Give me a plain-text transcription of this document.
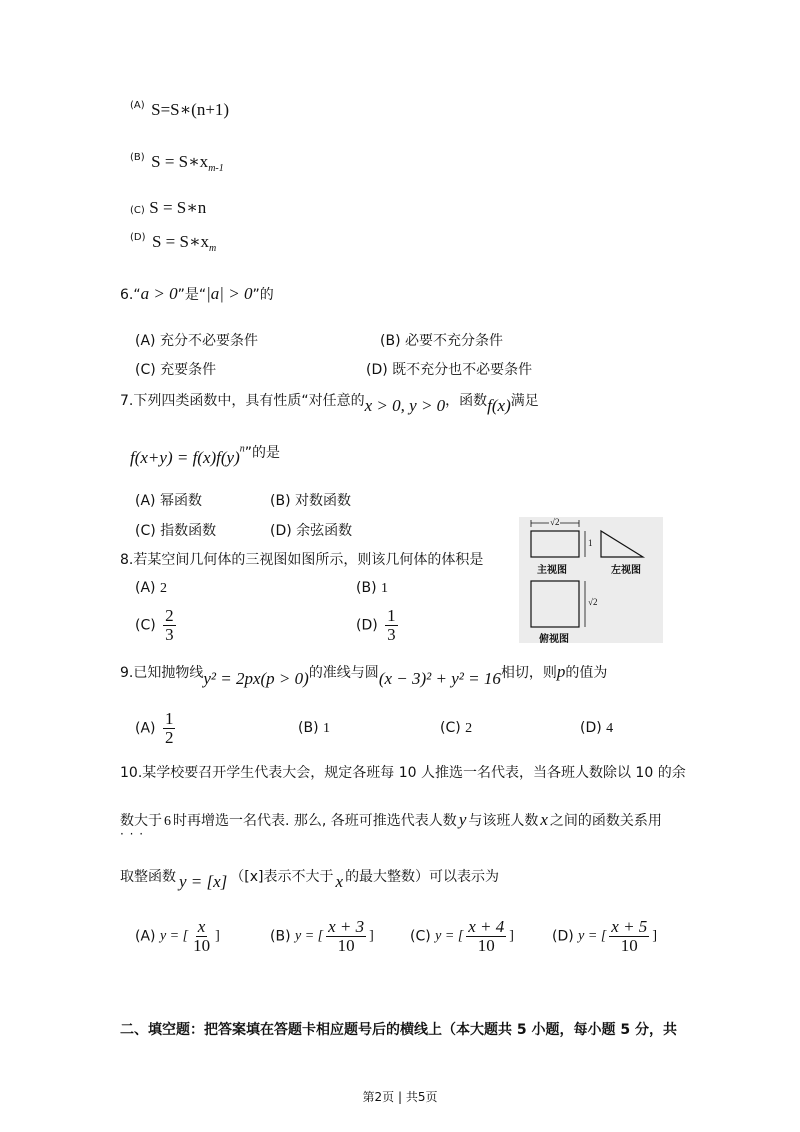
$^{(A)}$ S=S∗(n+1)
$^{(B)}$ $S = S∗x_{m-1}$
(C) S = S∗n
$^{(D)}$ $S = S∗x_m$
6.“a > 0”是“|a| > 0”的
(A) 充分不必要条件	(B) 必要不充分条件
(C) 充要条件	(D) 既不充分也不必要条件
7.下列四类函数中，具有性质“对任意的x > 0, y > 0，函数f(x)满足
$f(x+y) = f(x)f(y)^n$”的是
(A) 幂函数	(B) 对数函数
(C) 指数函数	(D) 余弦函数
8.若某空间几何体的三视图如图所示，则该几何体的体积是
(A) 2	(B) 1
$(C) \frac{2}{3}$	$(D) \frac{1}{3}$
√2
1
√2
主视图	左视图
俯视图
9.已知抛物线y² = 2px(p > 0)的准线与圆(x − 3)² + y² = 16相切，则p的值为
$(A) \frac{1}{2}$	(B) 1	(C) 2	(D) 4
10.某学校要召开学生代表大会，规定各班每 10 人推选一名代表，当各班人数除以 10 的余
数大于 · · · 6 时再增选一名代表. 那么, 各班可推选代表人数 y 与该班人数 x 之间的函数关系用
取整函数 y = [x] （[x]表示不大于 x 的最大整数）可以表示为
(A) y = [ $\frac{x}{10}$ ]	(B) y = [ $\frac{x + 3}{10}$ ]	(C) y = [ $\frac{x + 4}{10}$ ]	(D) y = [ $\frac{x + 5}{10}$ ]
二、填空题：把答案填在答题卡相应题号后的横线上（本大题共 5 小题，每小题 5 分，共
第2页 | 共5页
